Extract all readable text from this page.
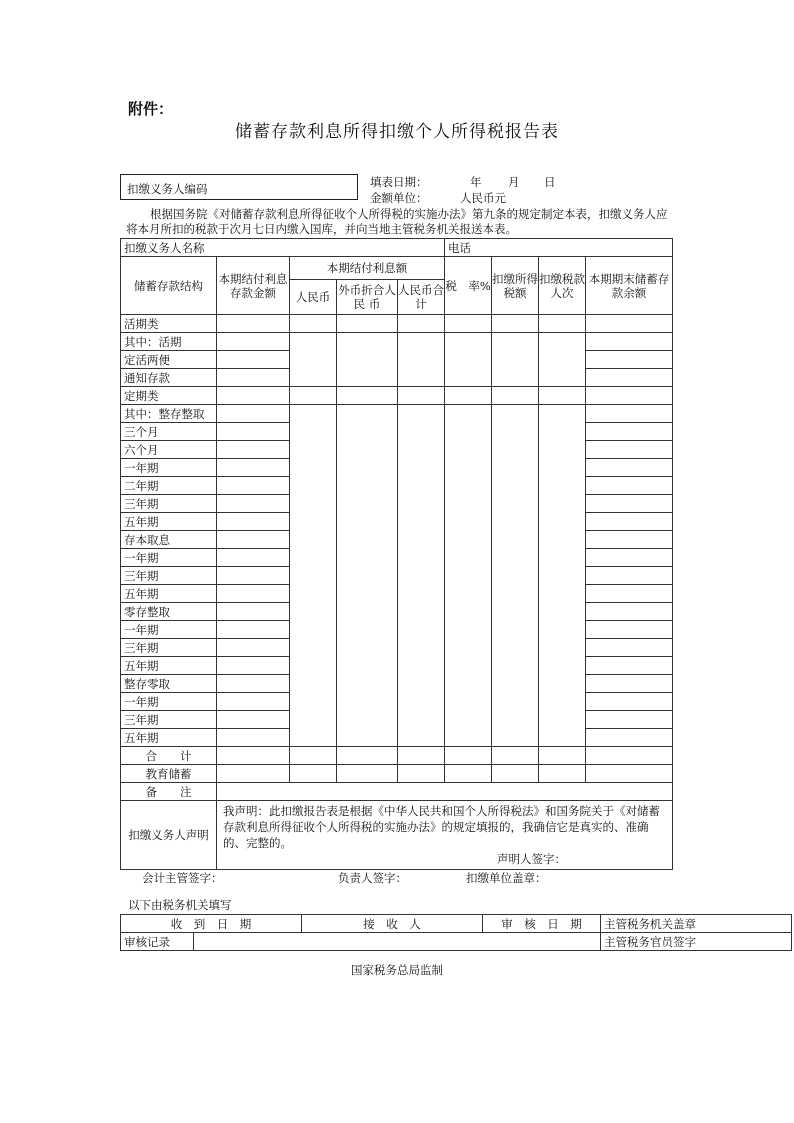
附件：
储蓄存款利息所得扣缴个人所得税报告表
扣缴义务人编码	填表日期：	年 月 日
金额单位：	人民币元
根据国务院《对储蓄存款利息所得征收个人所得税的实施办法》第九条的规定制定本表，扣缴义务人应将本月所扣的税款于次月七日内缴入国库，并向当地主管税务机关报送本表。
扣缴义务人名称					电话			
储蓄存款结构	本期结付利息存款金额	本期结付利息额			税　率%	扣缴所得税额	扣缴税款人次	本期期末储蓄存款余额
		人民币	外币折合人 民 币	人民币合　计				
活期类								
其中：活期								
定活两便								
通知存款								
定期类								
其中：整存整取								
三个月								
六个月								
一年期								
二年期								
三年期								
五年期								
存本取息								
一年期								
三年期								
五年期								
零存整取								
一年期								
三年期								
五年期								
整存零取								
一年期								
三年期								
五年期								
合　　计								
教育储蓄								
备　　注								
扣缴义务人声明	我声明：此扣缴报告表是根据《中华人民共和国个人所得税法》和国务院关于《对储蓄存款利息所得征收个人所得税的实施办法》的规定填报的，我确信它是真实的、准确的、完整的。
声明人签字：							
会计主管签字：	负责人签字：	扣缴单位盖章：
以下由税务机关填写
收　到　日　期		接　收　人	审　核　日　期	主管税务机关盖章
审核记录				主管税务官员签字
国家税务总局监制
